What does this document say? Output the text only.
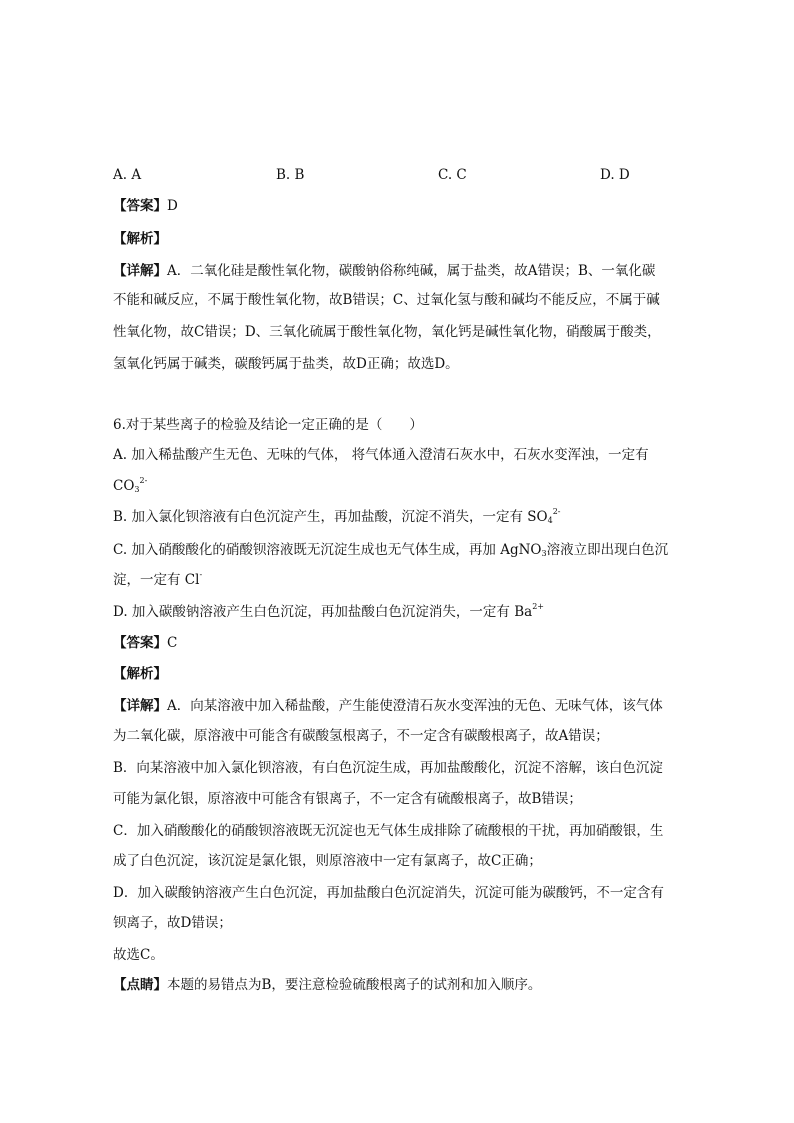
A. A	B. B	C. C	D. D
【答案】D
【解析】
【详解】A．二氧化硅是酸性氧化物，碳酸钠俗称纯碱，属于盐类，故A错误；B、一氧化碳
不能和碱反应，不属于酸性氧化物，故B错误；C、过氧化氢与酸和碱均不能反应，不属于碱
性氧化物，故C错误；D、三氧化硫属于酸性氧化物，氧化钙是碱性氧化物，硝酸属于酸类，
氢氧化钙属于碱类，碳酸钙属于盐类，故D正确；故选D。
6.对于某些离子的检验及结论一定正确的是（　　）
A. 加入稀盐酸产生无色、无味的气体， 将气体通入澄清石灰水中，石灰水变浑浊，一定有
$CO_3^{2-}$
B. 加入氯化钡溶液有白色沉淀产生，再加盐酸，沉淀不消失，一定有 $SO_4^{2-}$
C. 加入硝酸酸化的硝酸钡溶液既无沉淀生成也无气体生成，再加 AgNO$_3$溶液立即出现白色沉
淀，一定有 Cl-
D. 加入碳酸钠溶液产生白色沉淀，再加盐酸白色沉淀消失，一定有 $Ba^{2+}$
【答案】C
【解析】
【详解】A．向某溶液中加入稀盐酸，产生能使澄清石灰水变浑浊的无色、无味气体，该气体
为二氧化碳，原溶液中可能含有碳酸氢根离子，不一定含有碳酸根离子，故A错误；
B．向某溶液中加入氯化钡溶液，有白色沉淀生成，再加盐酸酸化，沉淀不溶解，该白色沉淀
可能为氯化银，原溶液中可能含有银离子，不一定含有硫酸根离子，故B错误；
C．加入硝酸酸化的硝酸钡溶液既无沉淀也无气体生成排除了硫酸根的干扰，再加硝酸银，生
成了白色沉淀，该沉淀是氯化银，则原溶液中一定有氯离子，故C正确；
D．加入碳酸钠溶液产生白色沉淀，再加盐酸白色沉淀消失，沉淀可能为碳酸钙，不一定含有
钡离子，故D错误；
故选C。
【点睛】本题的易错点为B，要注意检验硫酸根离子的试剂和加入顺序。
